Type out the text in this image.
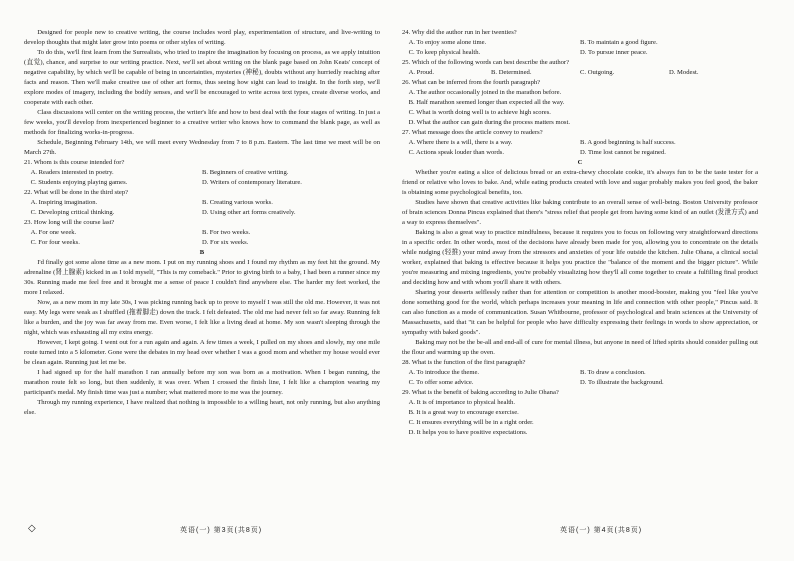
Designed for people new to creative writing, the course includes word play, experimentation of structure, and live-writing to develop thoughts that might later grow into poems or other styles of writing.

To do this, we'll first learn from the Surrealists, who tried to inspire the imagination by focusing on process, as we apply intuition (直觉), chance, and surprise to our writing practice. Next, we'll set about writing on the blank page based on John Keats' concept of negative capability, by which we'll be capable of being in uncertainties, mysteries (神秘), doubts without any hurriedly reaching after facts and reason. Then we'll make creative use of other art forms, thus seeing how sight can lead to insight. In the forth step, we'll explore modes of imagery, including the bodily senses, and we'll be encouraged to write across text types, create diverse works, and cooperate with each other.

Class discussions will center on the writing process, the writer's life and how to best deal with the four stages of writing. In just a few weeks, you'll develop from inexperienced beginner to a creative writer who knows how to command the blank page, as well as methods for finalizing works-in-progress.

Schedule, Beginning February 14th, we will meet every Wednesday from 7 to 8 p.m. Eastern. The last time we meet will be on March 27th.

21. Whom is this course intended for?

A. Readers interested in poetry.	B. Beginners of creative writing.
C. Students enjoying playing games.	D. Writers of contemporary literature.

22. What will be done in the third step?

A. Inspiring imagination.	B. Creating various works.
C. Developing critical thinking.	D. Using other art forms creatively.

23. How long will the course last?

A. For one week.	B. For two weeks.
C. For four weeks.	D. For six weeks.

B

I'd finally got some alone time as a new mom. I put on my running shoes and I found my rhythm as my feet hit the ground. My adrenaline (肾上腺素) kicked in as I told myself, "This is my comeback." Prior to giving birth to a baby, I had been a runner since my 30s. Running made me feel free and it brought me a sense of peace I couldn't find anywhere else. The harder my feet worked, the more I relaxed.

Now, as a new mom in my late 30s, I was picking running back up to prove to myself I was still the old me. However, it was not easy. My legs were weak as I shuffled (拖着脚走) down the track. I felt defeated. The old me had never felt so far away. Running felt like a burden, and the joy was far away from me. Even worse, I felt like a living dead at home. My son wasn't sleeping through the night, which was exhausting all my extra energy.

However, I kept going. I went out for a run again and again. A few times a week, I pulled on my shoes and slowly, my one mile route turned into a 5 kilometer. Gone were the debates in my head over whether I was a good mom and whether my house would ever be clean again. Running just let me be.

I had signed up for the half marathon I ran annually before my son was born as a motivation. When I began running, the marathon route felt so long, but then suddenly, it was over. When I crossed the finish line, I felt like a champion wearing my participant's medal. My finish time was just a number; what mattered more to me was the journey.

Through my running experience, I have realized that nothing is impossible to a willing heart, not only running, but also anything else.

24. Why did the author run in her twenties?

A. To enjoy some alone time.	B. To maintain a good figure.
C. To keep physical health.	D. To pursue inner peace.

25. Which of the following words can best describe the author?

A. Proud.	B. Determined.	C. Outgoing.	D. Modest.

26. What can be inferred from the fourth paragraph?

A. The author occasionally joined in the marathon before.

B. Half marathon seemed longer than expected all the way.

C. What is worth doing well is to achieve high scores.

D. What the author can gain during the process matters most.

27. What message does the article convey to readers?

A. Where there is a will, there is a way.	B. A good beginning is half success.
C. Actions speak louder than words.	D. Time lost cannot be regained.

C

Whether you're eating a slice of delicious bread or an extra-chewy chocolate cookie, it's always fun to be the taste tester for a friend or relative who loves to bake. And, while eating products created with love and sugar probably makes you feel good, the baker is obtaining some psychological benefits, too.

Studies have shown that creative activities like baking contribute to an overall sense of well-being. Boston University professor of brain sciences Donna Pincus explained that there's "stress relief that people get from having some kind of an outlet (发泄方式) and a way to express themselves".

Baking is also a great way to practice mindfulness, because it requires you to focus on following very straightforward directions in a specific order. In other words, most of the decisions have already been made for you, allowing you to concentrate on the details while nudging (轻推) your mind away from the stressors and anxieties of your life outside the kitchen. Julie Ohana, a clinical social worker, explained that baking is effective because it helps you practice the "balance of the moment and the bigger picture". While you're measuring and mixing ingredients, you're probably visualizing how they'll all come together to create a fulfilling final product and deciding how and with whom you'll share it with others.

Sharing your desserts selflessly rather than for attention or competition is another mood-booster, making you "feel like you've done something good for the world, which perhaps increases your meaning in life and connection with other people," Pincus said. It can also function as a mode of communication. Susan Whitbourne, professor of psychological and brain sciences at the University of Massachusetts, said that "it can be helpful for people who have difficulty expressing their feelings in words to show appreciation, or sympathy with baked goods".

Baking may not be the be-all and end-all of cure for mental illness, but anyone in need of lifted spirits should consider pulling out the flour and warming up the oven.

28. What is the function of the first paragraph?

A. To introduce the theme.	B. To draw a conclusion.
C. To offer some advice.	D. To illustrate the background.

29. What is the benefit of baking according to Julie Ohana?

A. It is of importance to physical health.

B. It is a great way to encourage exercise.

C. It ensures everything will be in a right order.

D. It helps you to have positive expectations.

◇	英语(一) 第3页(共8页)	英语(一) 第4页(共8页)
